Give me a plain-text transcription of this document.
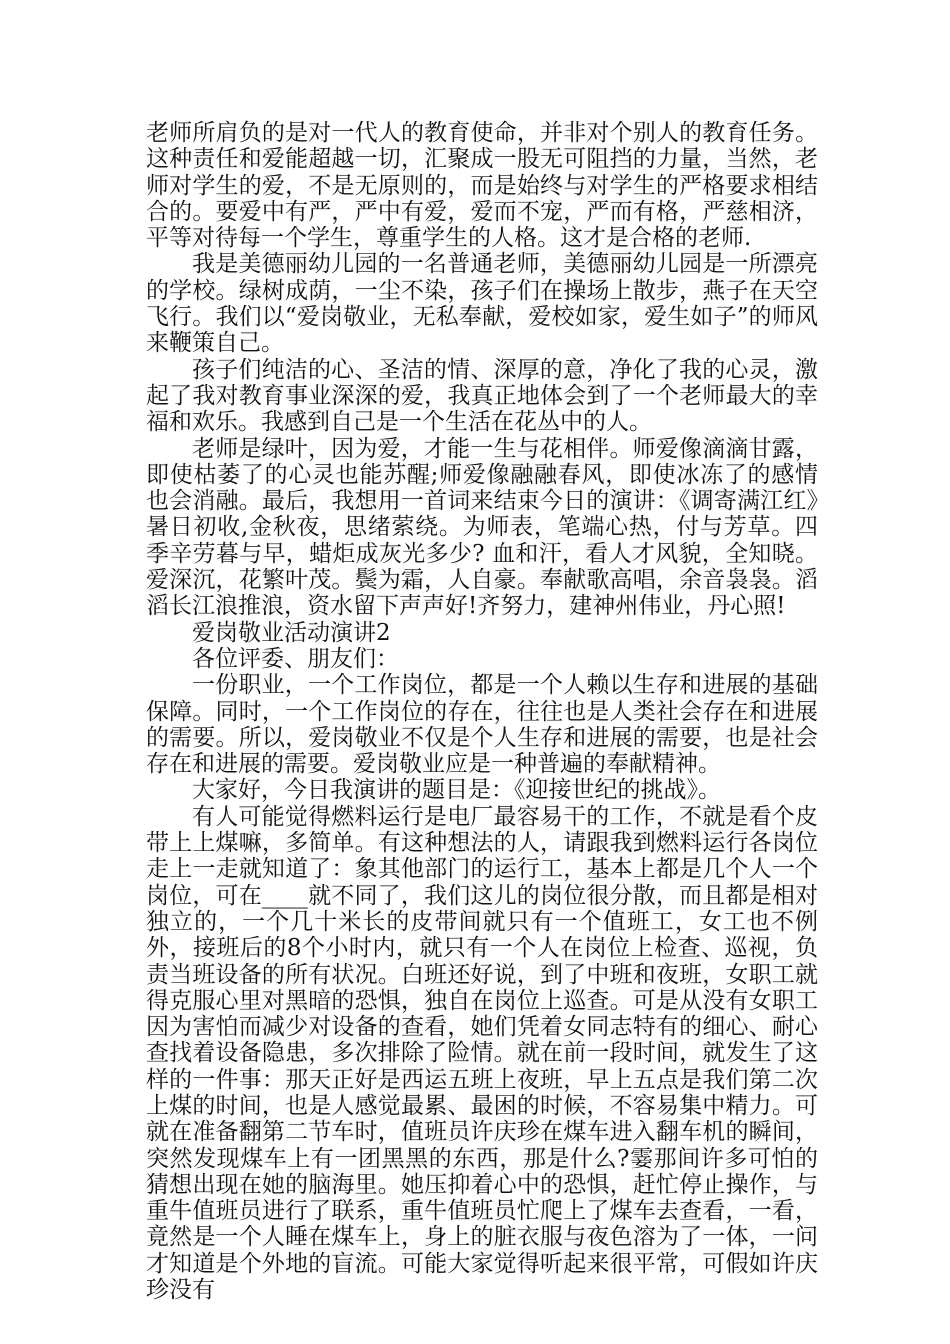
老师所肩负的是对一代人的教育使命，并非对个别人的教育任务。这种责任和爱能超越一切，汇聚成一股无可阻挡的力量，当然，老师对学生的爱，不是无原则的，而是始终与对学生的严格要求相结合的。要爱中有严，严中有爱，爱而不宠，严而有格，严慈相济，平等对待每一个学生，尊重学生的人格。这才是合格的老师.

我是美德丽幼儿园的一名普通老师，美德丽幼儿园是一所漂亮的学校。绿树成荫，一尘不染，孩子们在操场上散步，燕子在天空飞行。我们以“爱岗敬业，无私奉献，爱校如家，爱生如子”的师风来鞭策自己。

孩子们纯洁的心、圣洁的情、深厚的意，净化了我的心灵，激起了我对教育事业深深的爱，我真正地体会到了一个老师最大的幸福和欢乐。我感到自己是一个生活在花丛中的人。

老师是绿叶，因为爱，才能一生与花相伴。师爱像滴滴甘露，即使枯萎了的心灵也能苏醒;师爱像融融春风，即使冰冻了的感情也会消融。最后，我想用一首词来结束今日的演讲：《调寄满江红》暑日初收,金秋夜，思绪萦绕。为师表，笔端心热，付与芳草。四季辛劳暮与早，蜡炬成灰光多少? 血和汗，看人才风貌，全知晓。 爱深沉，花繁叶茂。鬓为霜，人自豪。奉献歌高唱，余音袅袅。滔滔长江浪推浪，资水留下声声好!齐努力，建神州伟业，丹心照!

爱岗敬业活动演讲2

各位评委、朋友们：

一份职业，一个工作岗位，都是一个人赖以生存和进展的基础保障。同时，一个工作岗位的存在，往往也是人类社会存在和进展的需要。所以，爱岗敬业不仅是个人生存和进展的需要，也是社会存在和进展的需要。爱岗敬业应是一种普遍的奉献精神。

大家好，今日我演讲的题目是：《迎接世纪的挑战》。

有人可能觉得燃料运行是电厂最容易干的工作，不就是看个皮带上上煤嘛，多简单。有这种想法的人，请跟我到燃料运行各岗位走上一走就知道了：象其他部门的运行工，基本上都是几个人一个岗位，可在____就不同了，我们这儿的岗位很分散，而且都是相对独立的，一个几十米长的皮带间就只有一个值班工，女工也不例外，接班后的8个小时内，就只有一个人在岗位上检查、巡视，负责当班设备的所有状况。白班还好说，到了中班和夜班，女职工就得克服心里对黑暗的恐惧，独自在岗位上巡查。可是从没有女职工因为害怕而减少对设备的查看，她们凭着女同志特有的细心、耐心查找着设备隐患，多次排除了险情。就在前一段时间，就发生了这样的一件事：那天正好是西运五班上夜班，早上五点是我们第二次上煤的时间，也是人感觉最累、最困的时候，不容易集中精力。可就在准备翻第二节车时，值班员许庆珍在煤车进入翻车机的瞬间，突然发现煤车上有一团黑黑的东西，那是什么?霎那间许多可怕的猜想出现在她的脑海里。她压抑着心中的恐惧，赶忙停止操作，与重牛值班员进行了联系，重牛值班员忙爬上了煤车去查看，一看，竟然是一个人睡在煤车上，身上的脏衣服与夜色溶为了一体，一问才知道是个外地的盲流。可能大家觉得听起来很平常，可假如许庆珍没有
